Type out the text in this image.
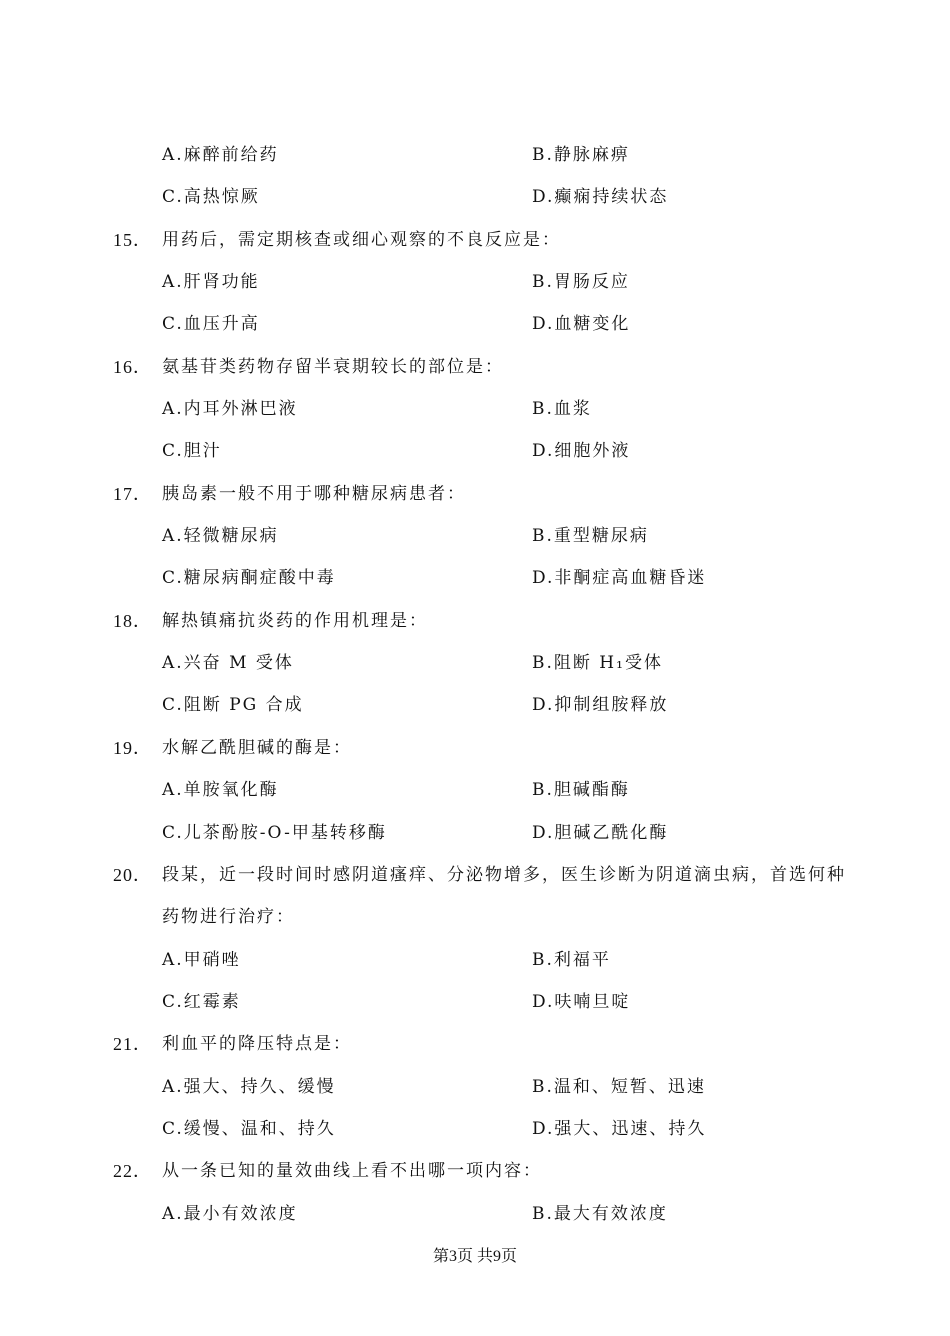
A.麻醉前给药	B.静脉麻痹
C.高热惊厥	D.癫痫持续状态
15． 用药后，需定期核查或细心观察的不良反应是：
A.肝肾功能	B.胃肠反应
C.血压升高	D.血糖变化
16． 氨基苷类药物存留半衰期较长的部位是：
A.内耳外淋巴液	B.血浆
C.胆汁	D.细胞外液
17． 胰岛素一般不用于哪种糖尿病患者：
A.轻微糖尿病	B.重型糖尿病
C.糖尿病酮症酸中毒	D.非酮症高血糖昏迷
18． 解热镇痛抗炎药的作用机理是：
A.兴奋 M 受体	B.阻断 H₁受体
C.阻断 PG 合成	D.抑制组胺释放
19． 水解乙酰胆碱的酶是：
A.单胺氧化酶	B.胆碱酯酶
C.儿茶酚胺-O-甲基转移酶	D.胆碱乙酰化酶
20． 段某，近一段时间时感阴道瘙痒、分泌物增多，医生诊断为阴道滴虫病，首选何种药物进行治疗：
A.甲硝唑	B.利福平
C.红霉素	D.呋喃旦啶
21． 利血平的降压特点是：
A.强大、持久、缓慢	B.温和、短暂、迅速
C.缓慢、温和、持久	D.强大、迅速、持久
22． 从一条已知的量效曲线上看不出哪一项内容：
A.最小有效浓度	B.最大有效浓度
第3页 共9页
